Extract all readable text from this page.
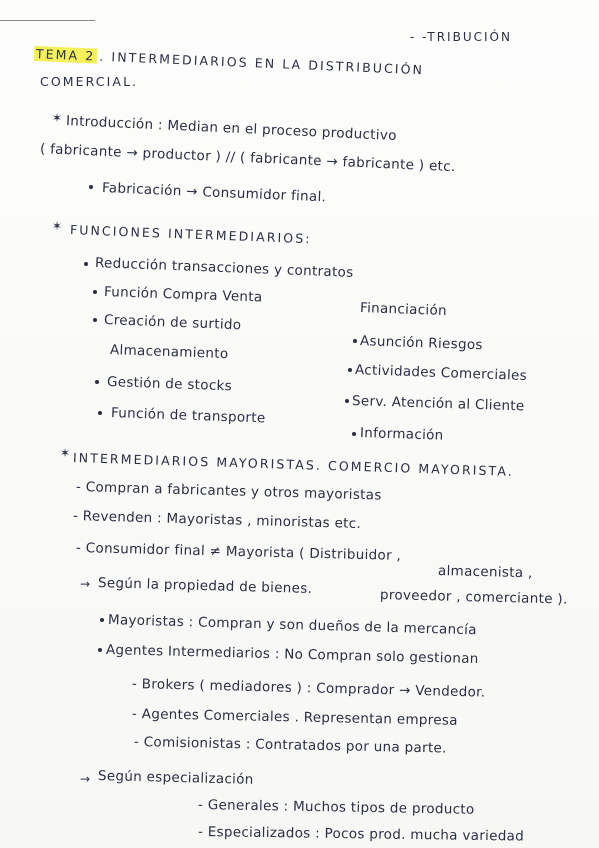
- -TRIBUCIÓN
TEMA 2 . INTERMEDIARIOS EN LA DISTRIBUCIÓN
COMERCIAL.
✶ Introducción : Median en el proceso productivo
( fabricante → productor ) // ( fabricante → fabricante ) etc.
Fabricación → Consumidor final.
✶ FUNCIONES INTERMEDIARIOS:
Reducción transacciones y contratos
Función Compra Venta
Financiación
Creación de surtido
Asunción Riesgos
Almacenamiento
Actividades Comerciales
Gestión de stocks
Serv. Atención al Cliente
Función de transporte
Información
✶ INTERMEDIARIOS MAYORISTAS. COMERCIO MAYORISTA.
- Compran a fabricantes y otros mayoristas
- Revenden : Mayoristas , minoristas etc.
- Consumidor final ≠ Mayorista ( Distribuidor ,
almacenista ,
proveedor , comerciante ).
→ Según la propiedad de bienes.
Mayoristas : Compran y son dueños de la mercancía
Agentes Intermediarios : No Compran solo gestionan
- Brokers ( mediadores ) : Comprador → Vendedor.
- Agentes Comerciales . Representan empresa
- Comisionistas : Contratados por una parte.
→ Según especialización
- Generales : Muchos tipos de producto
- Especializados : Pocos prod. mucha variedad
